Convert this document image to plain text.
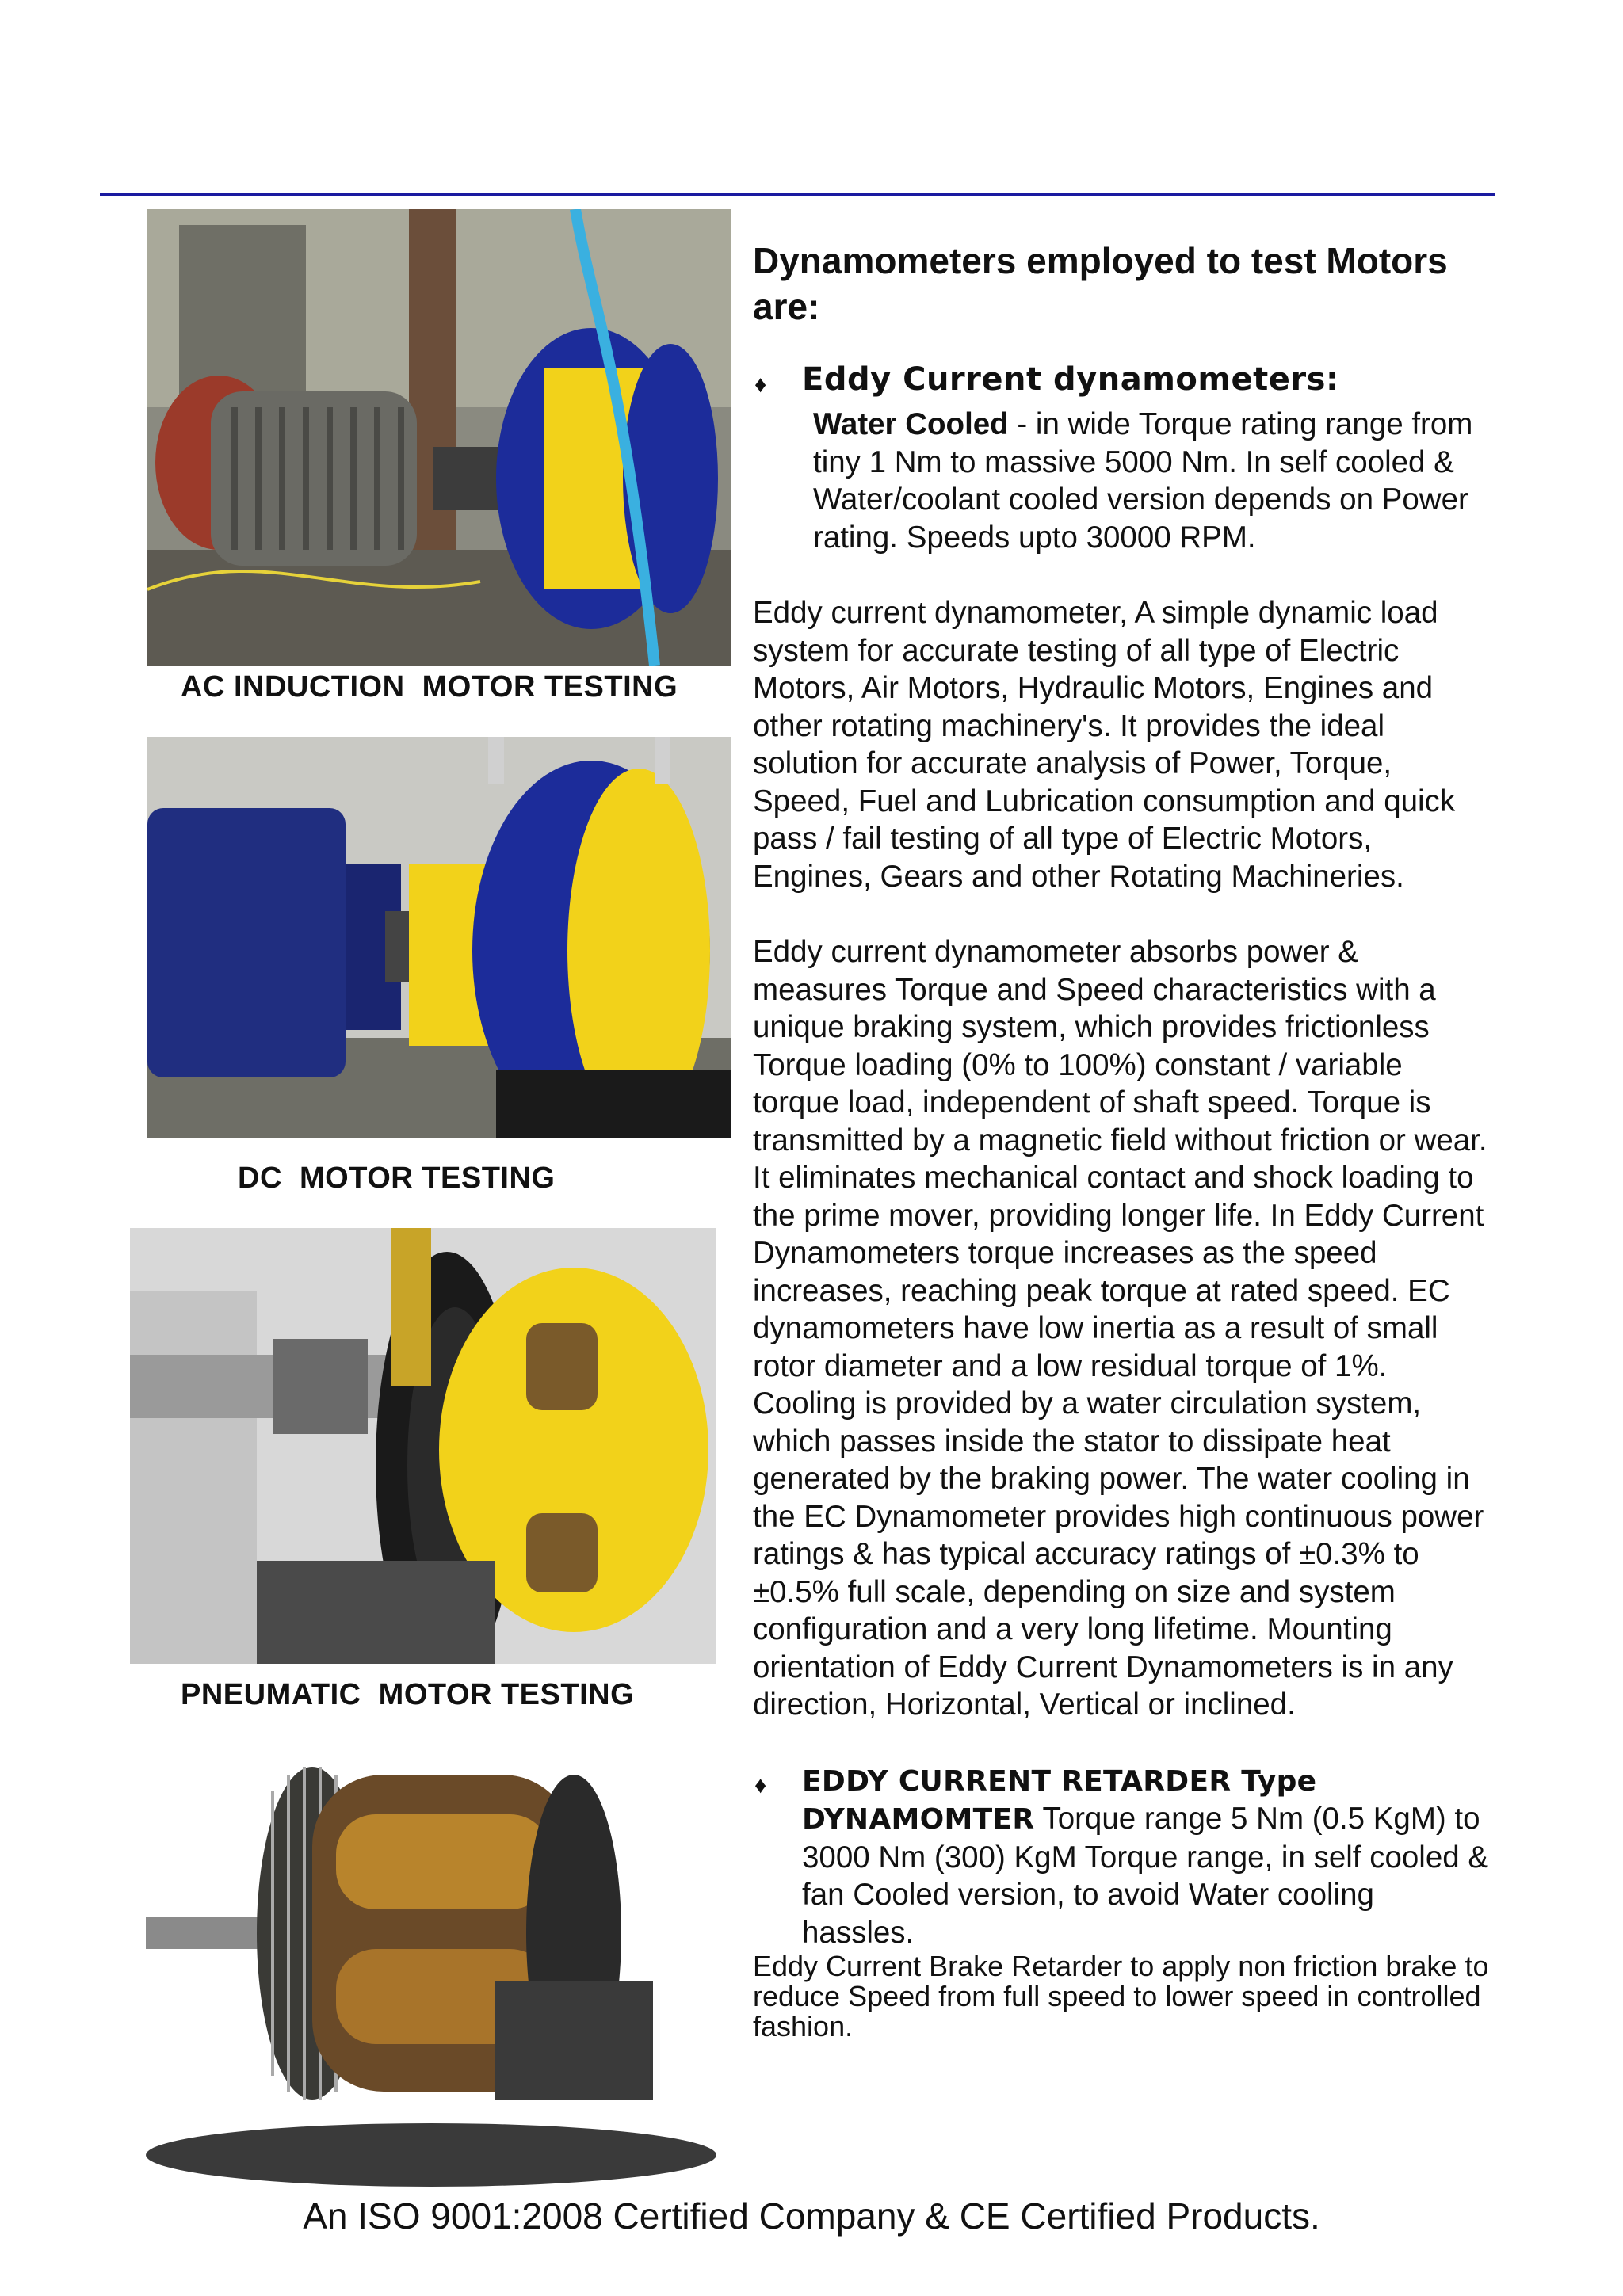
AC INDUCTION  MOTOR TESTING
DC  MOTOR TESTING
PNEUMATIC  MOTOR TESTING
Dynamometers employed to test Motors are:
♦	Eddy Current dynamometers:

Water Cooled - in wide Torque rating range from tiny 1 Nm to massive 5000 Nm. In self cooled & Water/coolant cooled version depends on Power rating. Speeds upto 30000 RPM.

Eddy current dynamometer, A simple dynamic load system for accurate testing of all type of Electric Motors, Air Motors, Hydraulic Motors, Engines and other rotating machinery's. It provides the ideal solution for accurate analysis of Power, Torque, Speed, Fuel and Lubrication consumption and quick pass / fail testing of all type of Electric Motors, Engines, Gears and other Rotating Machineries.

Eddy current dynamometer absorbs power & measures Torque and Speed characteristics with a unique braking system, which provides frictionless Torque loading (0% to 100%) constant / variable torque load, independent of shaft speed. Torque is transmitted by a magnetic field without friction or wear. It eliminates mechanical contact and shock loading to the prime mover, providing longer life. In Eddy Current Dynamometers torque increases as the speed increases, reaching peak torque at rated speed. EC dynamometers have low inertia as a result of small rotor diameter and a low residual torque of 1%.

Cooling is provided by a water circulation system, which passes inside the stator to dissipate heat generated by the braking power. The water cooling in the EC Dynamometer provides high continuous power ratings & has typical accuracy ratings of ±0.3% to ±0.5% full scale, depending on size and system configuration and a very long lifetime. Mounting orientation of Eddy Current Dynamometers is in any direction, Horizontal, Vertical or inclined.

♦	EDDY CURRENT RETARDER Type DYNAMOMTER Torque range 5 Nm (0.5 KgM) to 3000 Nm (300) KgM Torque range, in self cooled & fan Cooled version, to avoid Water cooling hassles.

Eddy Current Brake Retarder to apply non friction brake to reduce Speed from full speed to lower speed in controlled fashion.

An ISO 9001:2008 Certified Company & CE Certified Products.
